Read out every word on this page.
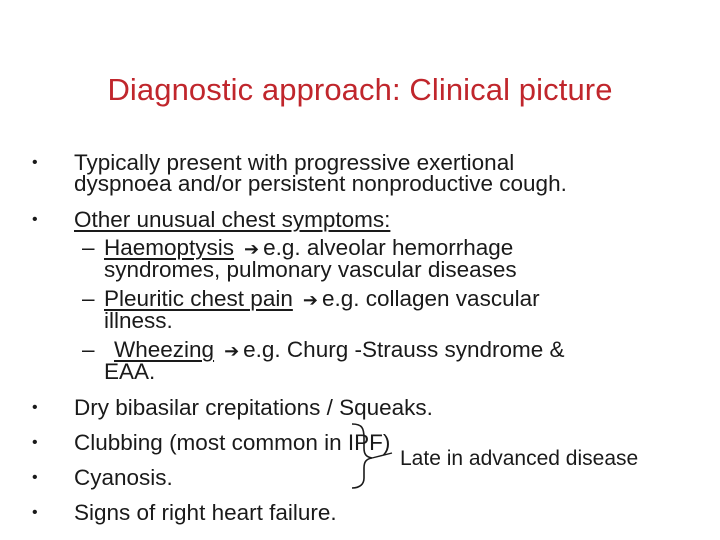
Diagnostic approach: Clinical picture
•	Typically present with progressive exertional
dyspnoea and/or persistent nonproductive cough.
•	Other unusual chest symptoms:
– Haemoptysis ➔ e.g. alveolar hemorrhage
syndromes, pulmonary vascular diseases
– Pleuritic chest pain ➔ e.g. collagen vascular
illness.
– Wheezing ➔ e.g. Churg -Strauss syndrome &
EAA.
•	Dry bibasilar crepitations / Squeaks.
•	Clubbing (most common in IPF)
•	Cyanosis.
•	Signs of right heart failure.
Late in advanced disease
